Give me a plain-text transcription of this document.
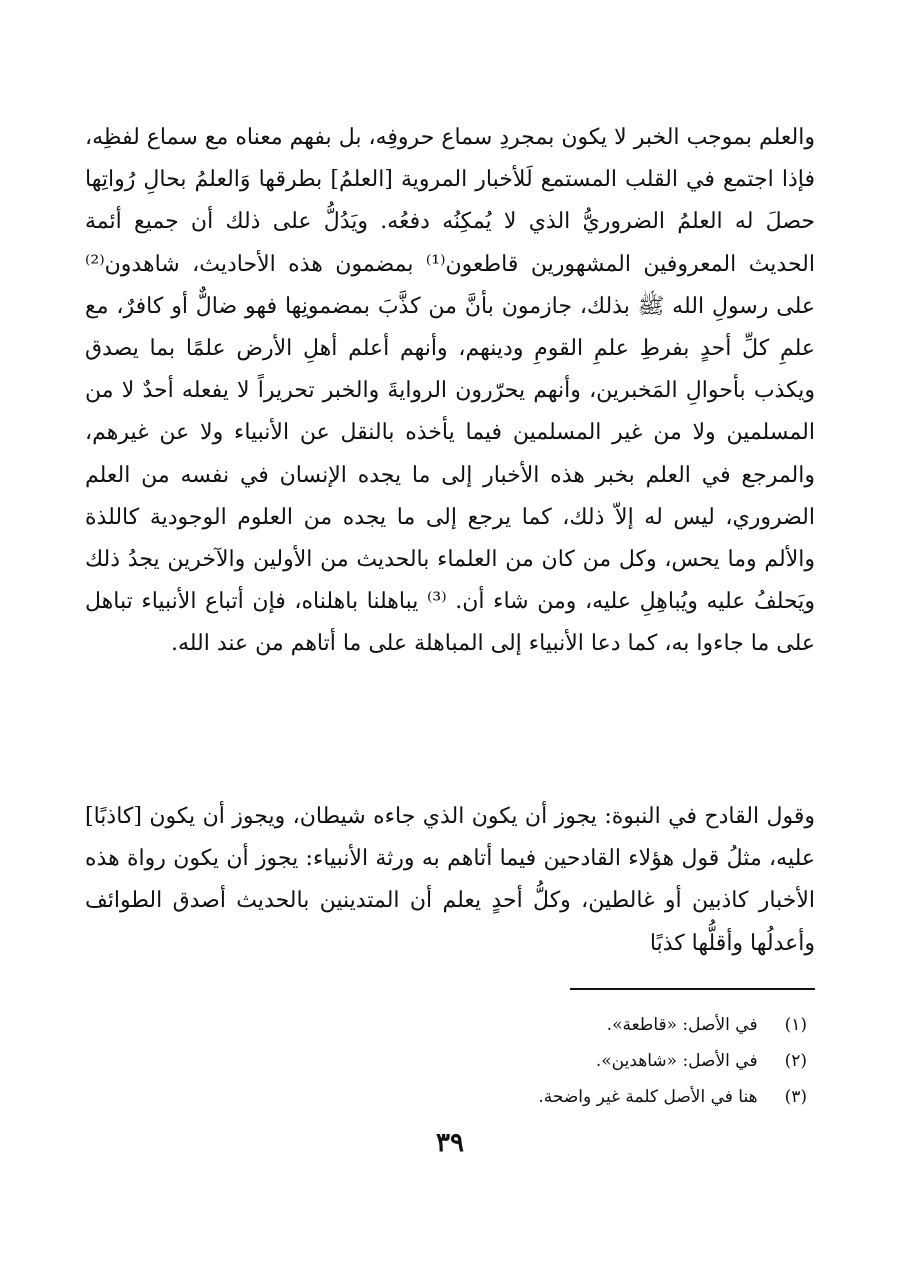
والعلم بموجب الخبر لا يكون بمجردِ سماع حروفِه، بل بفهم معناه مع سماع لفظِه، فإذا اجتمع في القلب المستمع لَلأخبار المروية [العلمُ] بطرقها وَالعلمُ بحالِ رُواتِها حصلَ له العلمُ الضروريُّ الذي لا يُمكِنُه دفعُه. ويَدُلُّ على ذلك أن جميع أئمة الحديث المعروفين المشهورين قاطعون⁽¹⁾ بمضمون هذه الأحاديث، شاهدون⁽²⁾ على رسولِ الله ﷺ بذلك، جازمون بأنَّ من كذَّبَ بمضمونِها فهو ضالٌّ أو كافرٌ، مع علمِ كلِّ أحدٍ بفرطِ علمِ القومِ ودينهم، وأنهم أعلم أهلِ الأرض علمًا بما يصدق ويكذب بأحوالِ المَخبرين، وأنهم يحرّرون الروايةَ والخبر تحريراً لا يفعله أحدٌ لا من المسلمين ولا من غير المسلمين فيما يأخذه بالنقل عن الأنبياء ولا عن غيرهم، والمرجع في العلم بخبر هذه الأخبار إلى ما يجده الإنسان في نفسه من العلم الضروري، ليس له إلاّ ذلك، كما يرجع إلى ما يجده من العلوم الوجودية كاللذة والألم وما يحس، وكل من كان من العلماء بالحديث من الأولين والآخرين يجدُ ذلك ويَحلفُ عليه ويُباهِلِ عليه، ومن شاء أن. ⁽³⁾ يباهلنا باهلناه، فإن أتباع الأنبياء تباهل على ما جاءوا به، كما دعا الأنبياء إلى المباهلة على ما أتاهم من عند الله.

وقول القادح في النبوة: يجوز أن يكون الذي جاءه شيطان، ويجوز أن يكون [كاذبًا] عليه، مثلُ قول هؤلاء القادحين فيما أتاهم به ورثة الأنبياء: يجوز أن يكون رواة هذه الأخبار كاذبين أو غالطين، وكلُّ أحدٍ يعلم أن المتدينين بالحديث أصدق الطوائف وأعدلُها وأقلُّها كذبًا

(١) في الأصل: «قاطعة».
(٢) في الأصل: «شاهدين».
(٣) هنا في الأصل كلمة غير واضحة.
٣٩
